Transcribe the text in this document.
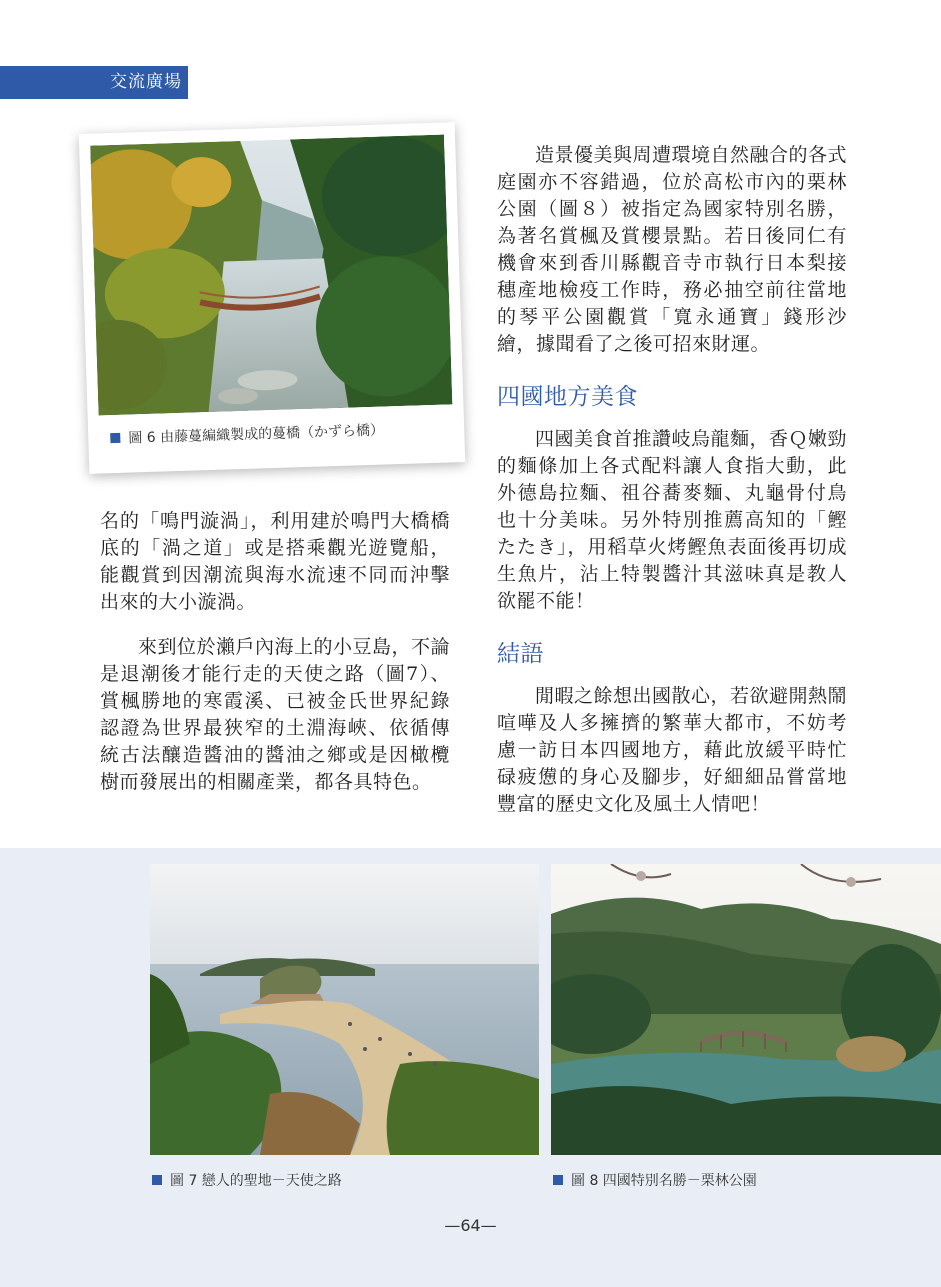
交流廣場
圖 6 由藤蔓編織製成的蔓橋（かずら橋）

名的「鳴門漩渦」，利用建於鳴門大橋橋底的「渦之道」或是搭乘觀光遊覽船，能觀賞到因潮流與海水流速不同而沖擊出來的大小漩渦。

來到位於瀨戶內海上的小豆島，不論是退潮後才能行走的天使之路（圖7）、賞楓勝地的寒霞溪、已被金氏世界紀錄認證為世界最狹窄的土淵海峽、依循傳統古法釀造醬油的醬油之鄉或是因橄欖樹而發展出的相關產業，都各具特色。

造景優美與周遭環境自然融合的各式庭園亦不容錯過，位於高松市內的栗林公園（圖８）被指定為國家特別名勝，為著名賞楓及賞櫻景點。若日後同仁有機會來到香川縣觀音寺市執行日本梨接穗產地檢疫工作時，務必抽空前往當地的琴平公園觀賞「寬永通寶」錢形沙繪，據聞看了之後可招來財運。

四國地方美食

四國美食首推讚岐烏龍麵，香Ｑ嫩勁的麵條加上各式配料讓人食指大動，此外德島拉麵、祖谷蕎麥麵、丸龜骨付鳥也十分美味。另外特別推薦高知的「鰹たたき」，用稻草火烤鰹魚表面後再切成生魚片，沾上特製醬汁其滋味真是教人欲罷不能！

結語

閒暇之餘想出國散心，若欲避開熱鬧喧嘩及人多擁擠的繁華大都市，不妨考慮一訪日本四國地方，藉此放緩平時忙碌疲憊的身心及腳步，好細細品嘗當地豐富的歷史文化及風土人情吧！

圖 7 戀人的聖地－天使之路	圖 8 四國特別名勝－栗林公園
—64—
